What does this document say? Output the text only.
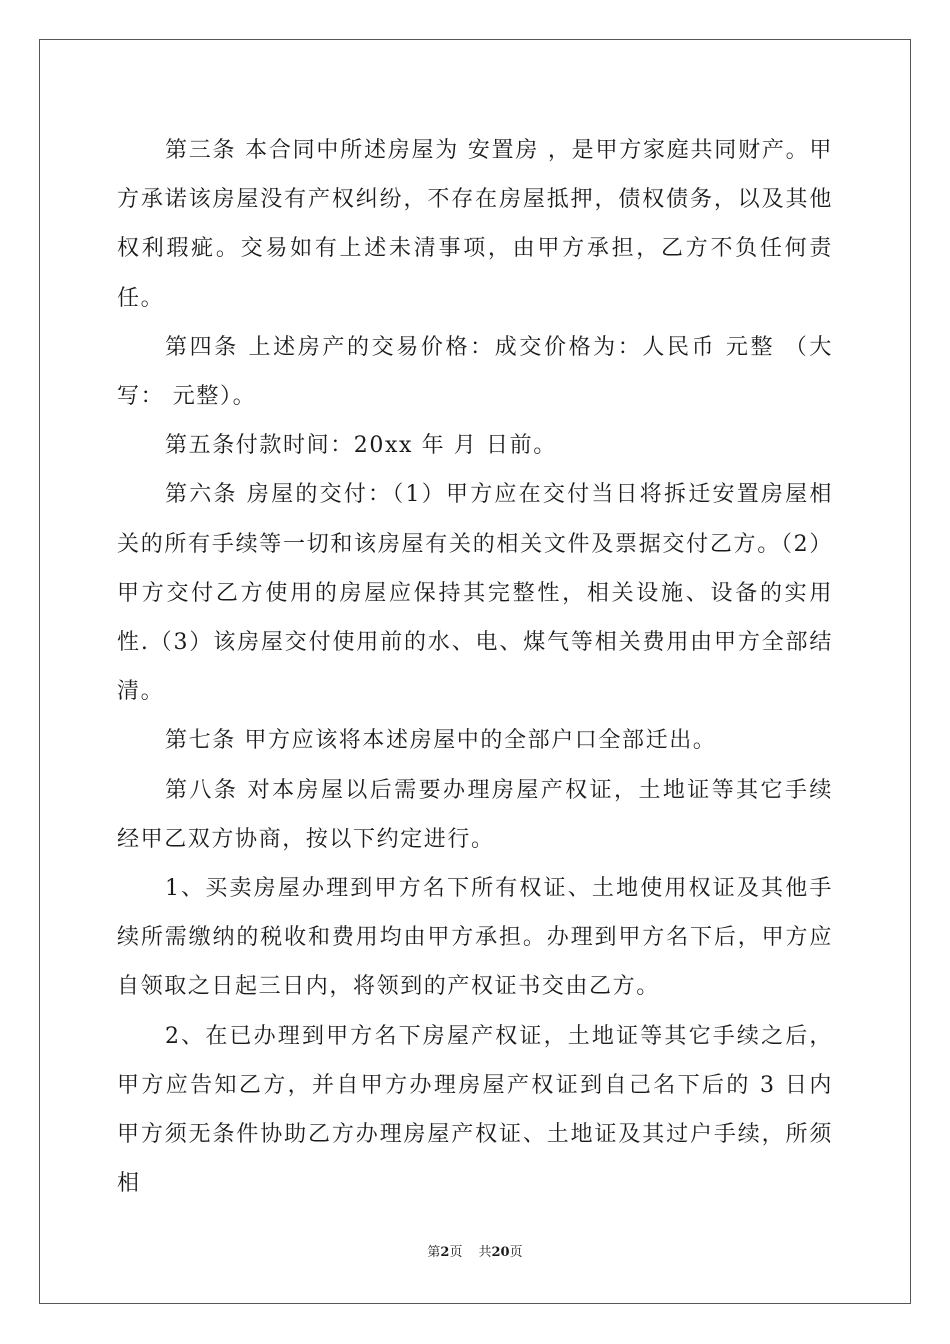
第三条 本合同中所述房屋为 安置房 ，是甲方家庭共同财产。甲方承诺该房屋没有产权纠纷，不存在房屋抵押，债权债务，以及其他权利瑕疵。交易如有上述未清事项，由甲方承担，乙方不负任何责任。

第四条 上述房产的交易价格：成交价格为：人民币 元整 （大写： 元整）。

第五条付款时间：20xx 年 月 日前。

第六条 房屋的交付：（1）甲方应在交付当日将拆迁安置房屋相关的所有手续等一切和该房屋有关的相关文件及票据交付乙方。（2）甲方交付乙方使用的房屋应保持其完整性，相关设施、设备的实用性.（3）该房屋交付使用前的水、电、煤气等相关费用由甲方全部结清。

第七条 甲方应该将本述房屋中的全部户口全部迁出。

第八条 对本房屋以后需要办理房屋产权证，土地证等其它手续经甲乙双方协商，按以下约定进行。

1、买卖房屋办理到甲方名下所有权证、土地使用权证及其他手续所需缴纳的税收和费用均由甲方承担。办理到甲方名下后，甲方应自领取之日起三日内，将领到的产权证书交由乙方。

2、在已办理到甲方名下房屋产权证，土地证等其它手续之后，甲方应告知乙方，并自甲方办理房屋产权证到自己名下后的 3 日内甲方须无条件协助乙方办理房屋产权证、土地证及其过户手续，所须相

第2页 共20页
